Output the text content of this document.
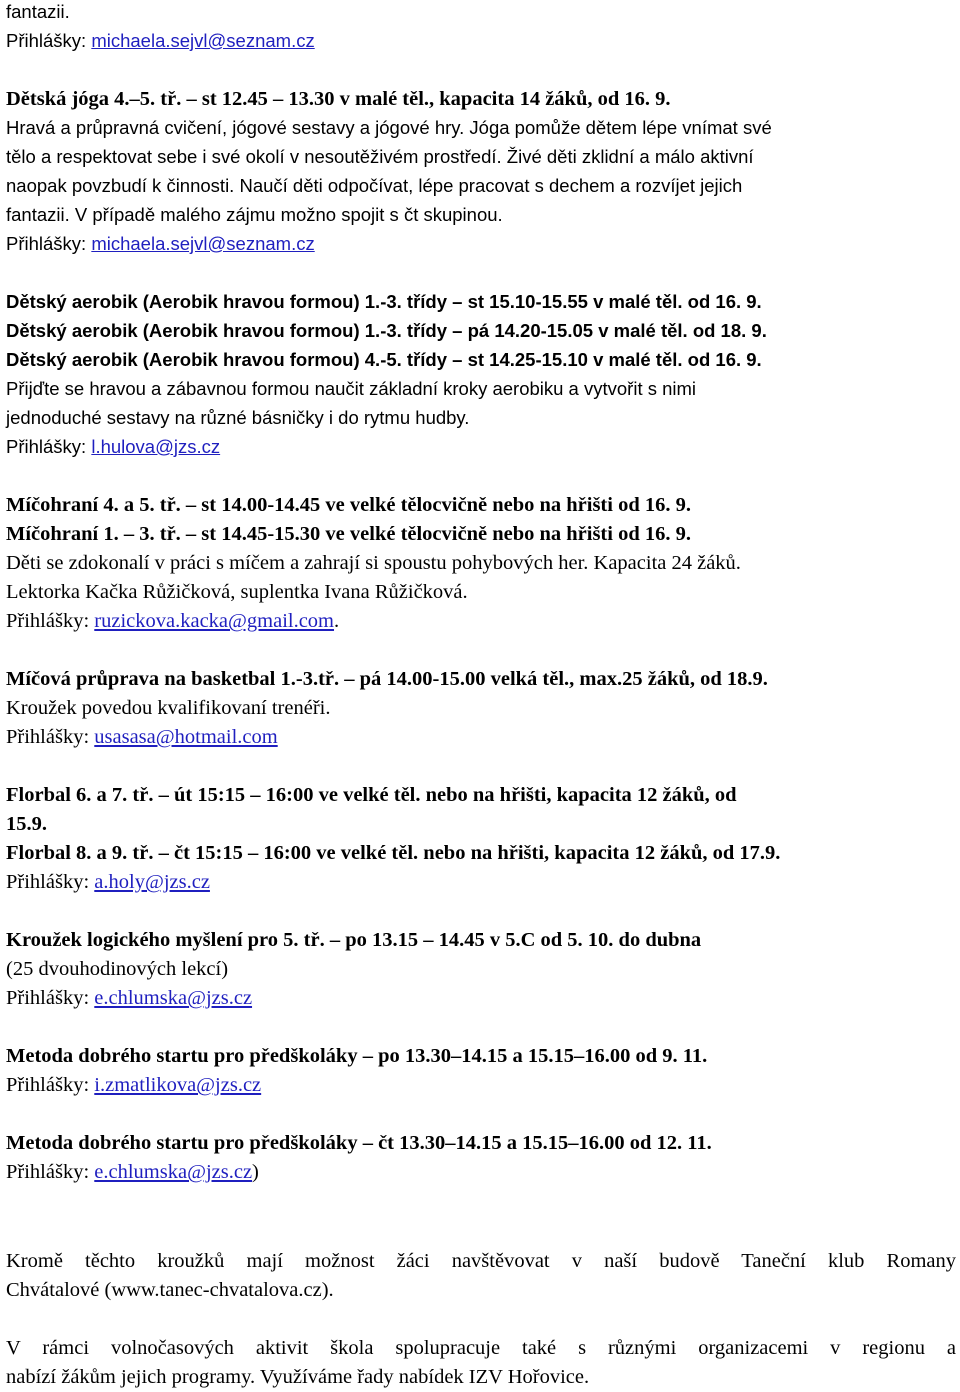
fantazii.
Přihlášky: michaela.sejvl@seznam.cz
Dětská jóga 4.–5. tř. – st 12.45 – 13.30 v malé těl., kapacita 14 žáků, od 16. 9.
Hravá a průpravná cvičení, jógové sestavy a jógové hry. Jóga pomůže dětem lépe vnímat své
tělo a respektovat sebe i své okolí v nesoutěživém prostředí. Živé děti zklidní a málo aktivní
naopak povzbudí k činnosti. Naučí děti odpočívat, lépe pracovat s dechem a rozvíjet jejich
fantazii. V případě malého zájmu možno spojit s čt skupinou.
Přihlášky: michaela.sejvl@seznam.cz
Dětský aerobik (Aerobik hravou formou) 1.-3. třídy – st 15.10-15.55 v malé těl. od 16. 9.
Dětský aerobik (Aerobik hravou formou) 1.-3. třídy – pá 14.20-15.05 v malé těl. od 18. 9.
Dětský aerobik (Aerobik hravou formou) 4.-5. třídy – st 14.25-15.10 v malé těl. od 16. 9.
Přijďte se hravou a zábavnou formou naučit základní kroky aerobiku a vytvořit s nimi
jednoduché sestavy na různé básničky i do rytmu hudby.
Přihlášky: l.hulova@jzs.cz
Míčohraní 4. a 5. tř. – st 14.00-14.45 ve velké tělocvičně nebo na hřišti od 16. 9.
Míčohraní 1. – 3. tř. – st 14.45-15.30 ve velké tělocvičně nebo na hřišti od 16. 9.
Děti se zdokonalí v práci s míčem a zahrají si spoustu pohybových her. Kapacita 24 žáků.
Lektorka Kačka Růžičková, suplentka Ivana Růžičková.
Přihlášky: ruzickova.kacka@gmail.com.
Míčová průprava na basketbal 1.-3.tř. – pá 14.00-15.00 velká těl., max.25 žáků, od 18.9.
Kroužek povedou kvalifikovaní trenéři.
Přihlášky: usasasa@hotmail.com
Florbal 6. a 7. tř. – út 15:15 – 16:00 ve velké těl. nebo na hřišti, kapacita 12 žáků, od
15.9.
Florbal 8. a 9. tř. – čt 15:15 – 16:00 ve velké těl. nebo na hřišti, kapacita 12 žáků, od 17.9.
Přihlášky: a.holy@jzs.cz
Kroužek logického myšlení pro 5. tř. – po 13.15 – 14.45 v 5.C od 5. 10. do dubna
(25 dvouhodinových lekcí)
Přihlášky: e.chlumska@jzs.cz
Metoda dobrého startu pro předškoláky – po 13.30–14.15 a 15.15–16.00 od 9. 11.
Přihlášky: i.zmatlikova@jzs.cz
Metoda dobrého startu pro předškoláky – čt 13.30–14.15 a 15.15–16.00 od 12. 11.
Přihlášky: e.chlumska@jzs.cz)
Kromě těchto kroužků mají možnost žáci navštěvovat v naší budově Taneční klub Romany
Chvátalové (www.tanec-chvatalova.cz).
V rámci volnočasových aktivit škola spolupracuje také s různými organizacemi v regionu a
nabízí žákům jejich programy. Využíváme řady nabídek IZV Hořovice.
